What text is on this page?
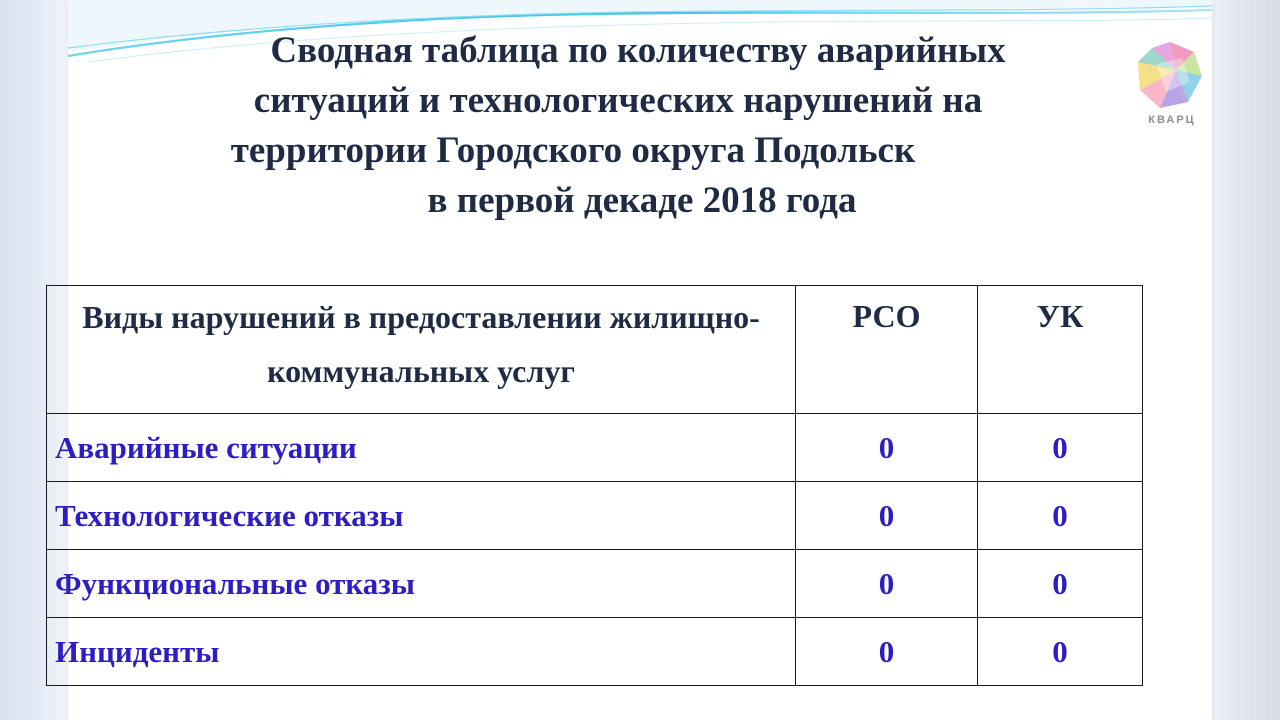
Сводная таблица по количеству аварийных
ситуаций и технологических нарушений на
территории Городского округа Подольск
в первой декаде 2018 года
КВАРЦ
Виды нарушений в предоставлении жилищно-коммунальных услуг	РСО	УК
Аварийные ситуации	0	0
Технологические отказы	0	0
Функциональные отказы	0	0
Инциденты	0	0
